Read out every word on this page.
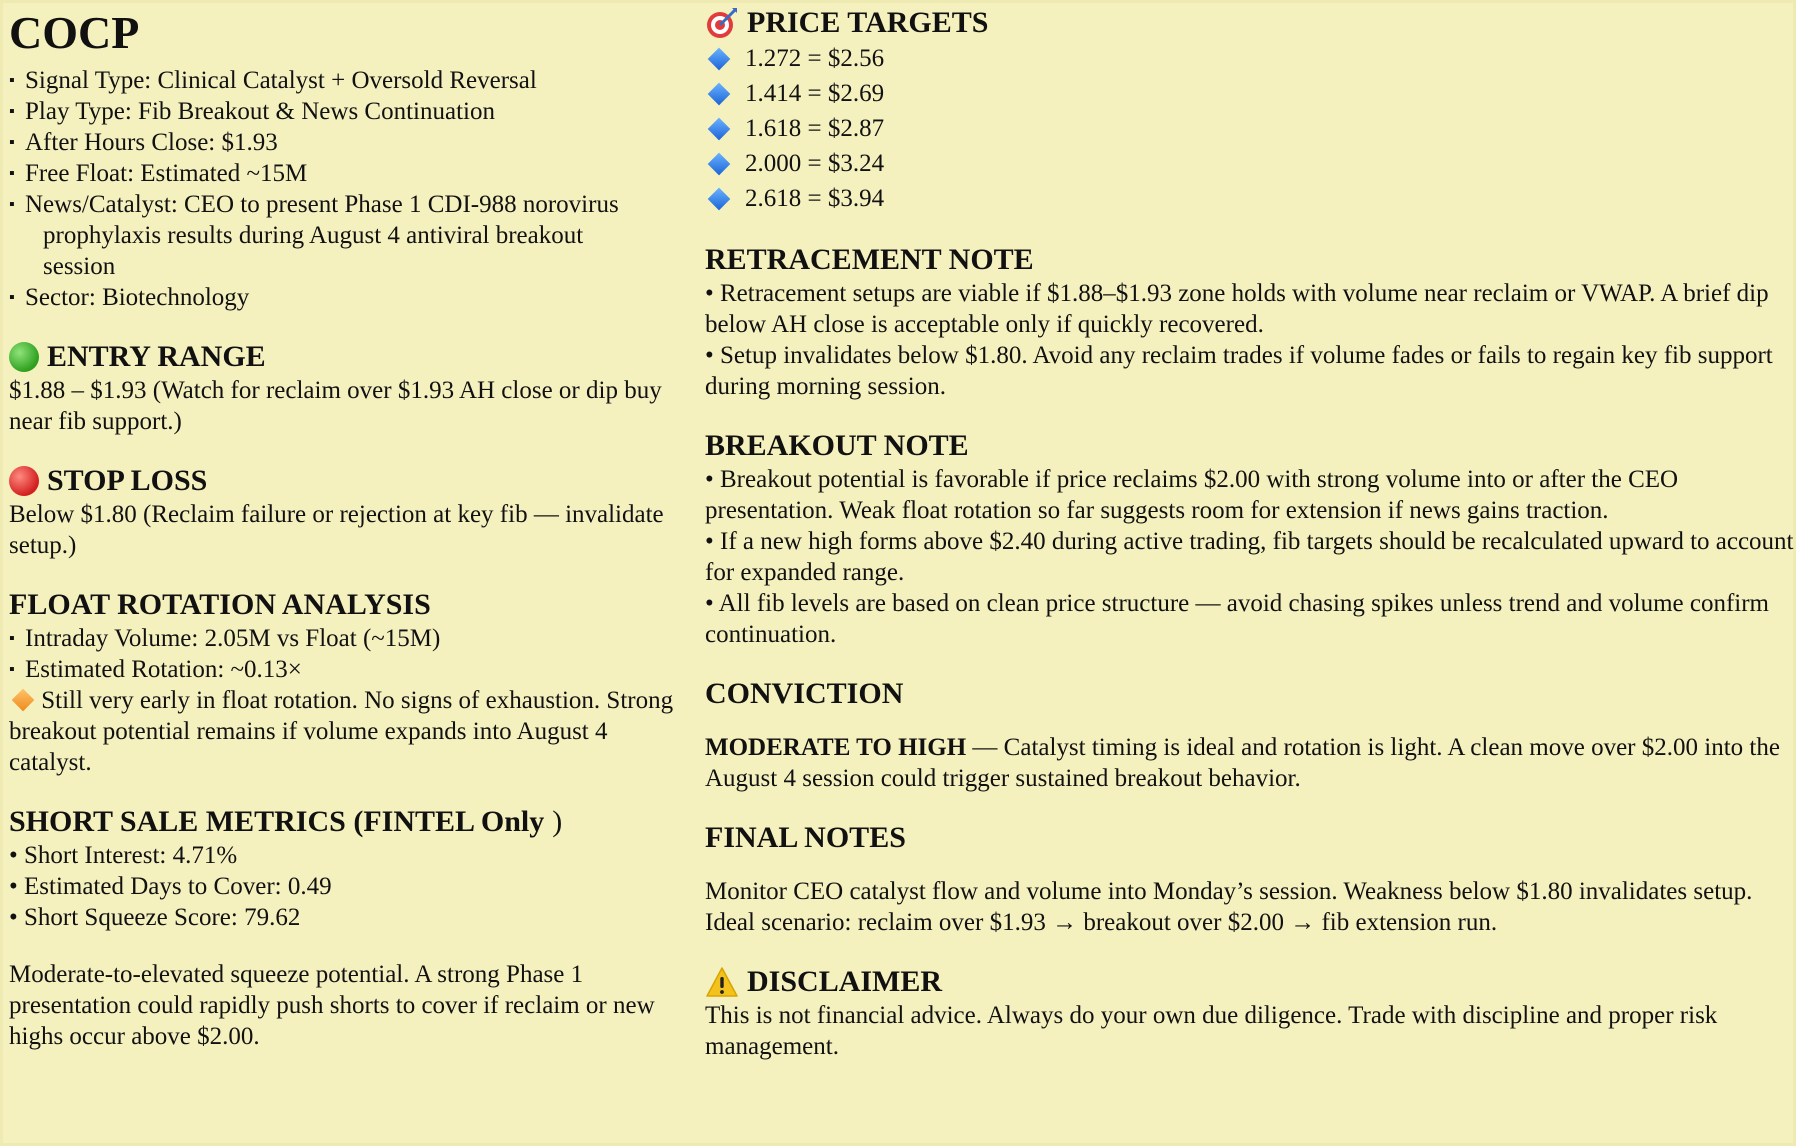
COCP
▪ Signal Type: Clinical Catalyst + Oversold Reversal
▪ Play Type: Fib Breakout & News Continuation
▪ After Hours Close: $1.93
▪ Free Float: Estimated ~15M
▪ News/Catalyst: CEO to present Phase 1 CDI-988 norovirus
prophylaxis results during August 4 antiviral breakout
session
▪ Sector: Biotechnology
ENTRY RANGE
$1.88 – $1.93 (Watch for reclaim over $1.93 AH close or dip buy near fib support.)
STOP LOSS
Below $1.80 (Reclaim failure or rejection at key fib — invalidate setup.)
FLOAT ROTATION ANALYSIS
▪ Intraday Volume: 2.05M vs Float (~15M)
▪ Estimated Rotation: ~0.13×
Still very early in float rotation. No signs of exhaustion. Strong breakout potential remains if volume expands into August 4 catalyst.
SHORT SALE METRICS (FINTEL Only )
• Short Interest: 4.71%
• Estimated Days to Cover: 0.49
• Short Squeeze Score: 79.62
Moderate-to-elevated squeeze potential. A strong Phase 1 presentation could rapidly push shorts to cover if reclaim or new highs occur above $2.00.
PRICE TARGETS
1.272 = $2.56
1.414 = $2.69
1.618 = $2.87
2.000 = $3.24
2.618 = $3.94
RETRACEMENT NOTE
• Retracement setups are viable if $1.88–$1.93 zone holds with volume near reclaim or VWAP. A brief dip below AH close is acceptable only if quickly recovered.
• Setup invalidates below $1.80. Avoid any reclaim trades if volume fades or fails to regain key fib support during morning session.
BREAKOUT NOTE
• Breakout potential is favorable if price reclaims $2.00 with strong volume into or after the CEO presentation. Weak float rotation so far suggests room for extension if news gains traction.
• If a new high forms above $2.40 during active trading, fib targets should be recalculated upward to account for expanded range.
• All fib levels are based on clean price structure — avoid chasing spikes unless trend and volume confirm continuation.
CONVICTION
MODERATE TO HIGH — Catalyst timing is ideal and rotation is light. A clean move over $2.00 into the August 4 session could trigger sustained breakout behavior.
FINAL NOTES
Monitor CEO catalyst flow and volume into Monday’s session. Weakness below $1.80 invalidates setup. Ideal scenario: reclaim over $1.93 → breakout over $2.00 → fib extension run.
DISCLAIMER
This is not financial advice. Always do your own due diligence. Trade with discipline and proper risk management.
